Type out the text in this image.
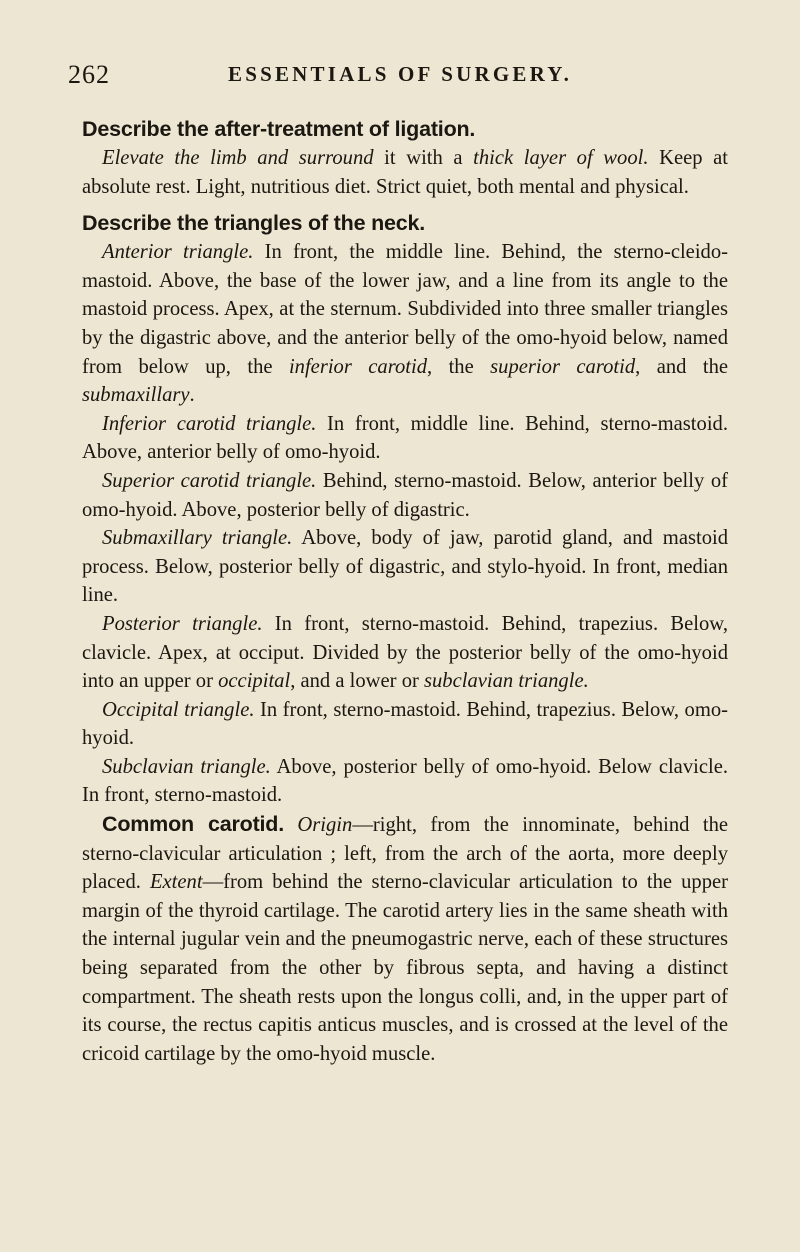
262	ESSENTIALS OF SURGERY.

Describe the after-treatment of ligation.

Elevate the limb and surround it with a thick layer of wool. Keep at absolute rest. Light, nutritious diet. Strict quiet, both mental and physical.

Describe the triangles of the neck.

Anterior triangle. In front, the middle line. Behind, the sterno-cleido-mastoid. Above, the base of the lower jaw, and a line from its angle to the mastoid process. Apex, at the sternum. Subdivided into three smaller triangles by the digastric above, and the anterior belly of the omo-hyoid below, named from below up, the inferior carotid, the superior carotid, and the submaxillary.

Inferior carotid triangle. In front, middle line. Behind, sterno-mastoid. Above, anterior belly of omo-hyoid.

Superior carotid triangle. Behind, sterno-mastoid. Below, anterior belly of omo-hyoid. Above, posterior belly of digastric.

Submaxillary triangle. Above, body of jaw, parotid gland, and mastoid process. Below, posterior belly of digastric, and stylo-hyoid. In front, median line.

Posterior triangle. In front, sterno-mastoid. Behind, trapezius. Below, clavicle. Apex, at occiput. Divided by the posterior belly of the omo-hyoid into an upper or occipital, and a lower or subclavian triangle.

Occipital triangle. In front, sterno-mastoid. Behind, trapezius. Below, omo-hyoid.

Subclavian triangle. Above, posterior belly of omo-hyoid. Below clavicle. In front, sterno-mastoid.

Common carotid. Origin—right, from the innominate, behind the sterno-clavicular articulation ; left, from the arch of the aorta, more deeply placed. Extent—from behind the sterno-clavicular articulation to the upper margin of the thyroid cartilage. The carotid artery lies in the same sheath with the internal jugular vein and the pneumogastric nerve, each of these structures being separated from the other by fibrous septa, and having a distinct compartment. The sheath rests upon the longus colli, and, in the upper part of its course, the rectus capitis anticus muscles, and is crossed at the level of the cricoid cartilage by the omo-hyoid muscle.
